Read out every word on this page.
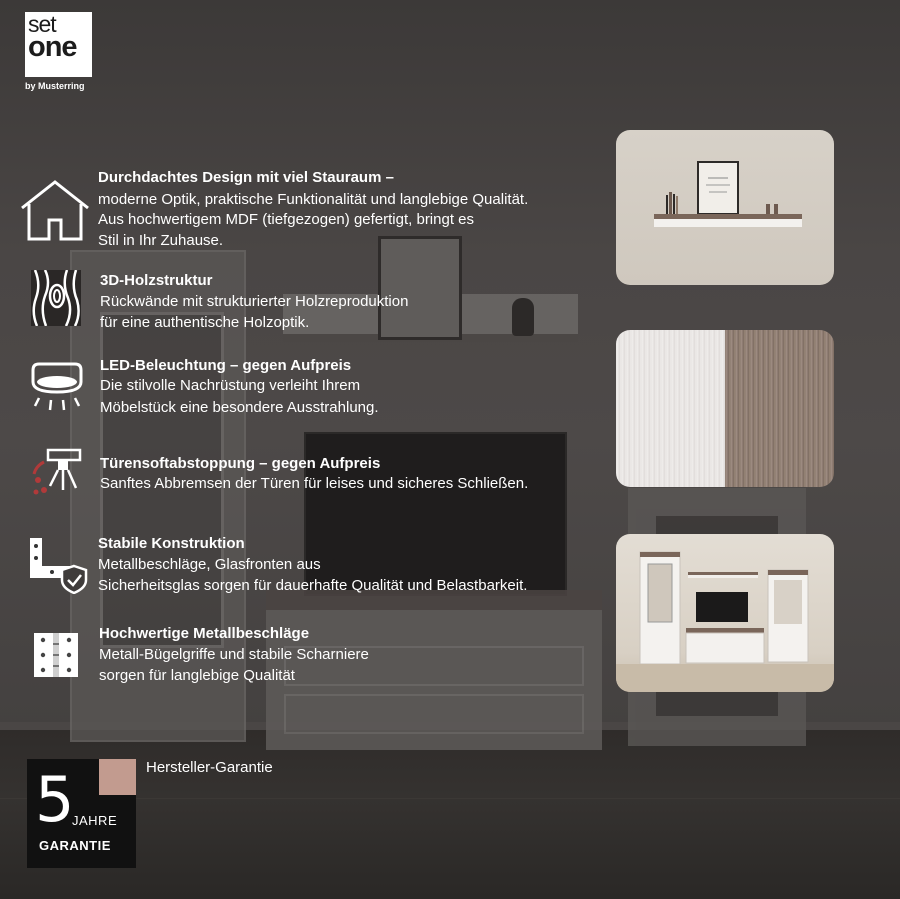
set
one
by Musterring
Durchdachtes Design mit viel Stauraum –
moderne Optik, praktische Funktionalität und langlebige Qualität.
Aus hochwertigem MDF (tiefgezogen) gefertigt, bringt es
Stil in Ihr Zuhause.
3D-Holzstruktur
Rückwände mit strukturierter Holzreproduktion
für eine authentische Holzoptik.
LED-Beleuchtung – gegen Aufpreis
Die stilvolle Nachrüstung verleiht Ihrem
Möbelstück eine besondere Ausstrahlung.
Türensoftabstoppung – gegen Aufpreis
Sanftes Abbremsen der Türen für leises und sicheres Schließen.
Stabile Konstruktion
Metallbeschläge, Glasfronten aus
Sicherheitsglas sorgen für dauerhafte Qualität und Belastbarkeit.
Hochwertige Metallbeschläge
Metall-Bügelgriffe und stabile Scharniere
sorgen für langlebige Qualität
5
JAHRE
GARANTIE
Hersteller-Garantie
